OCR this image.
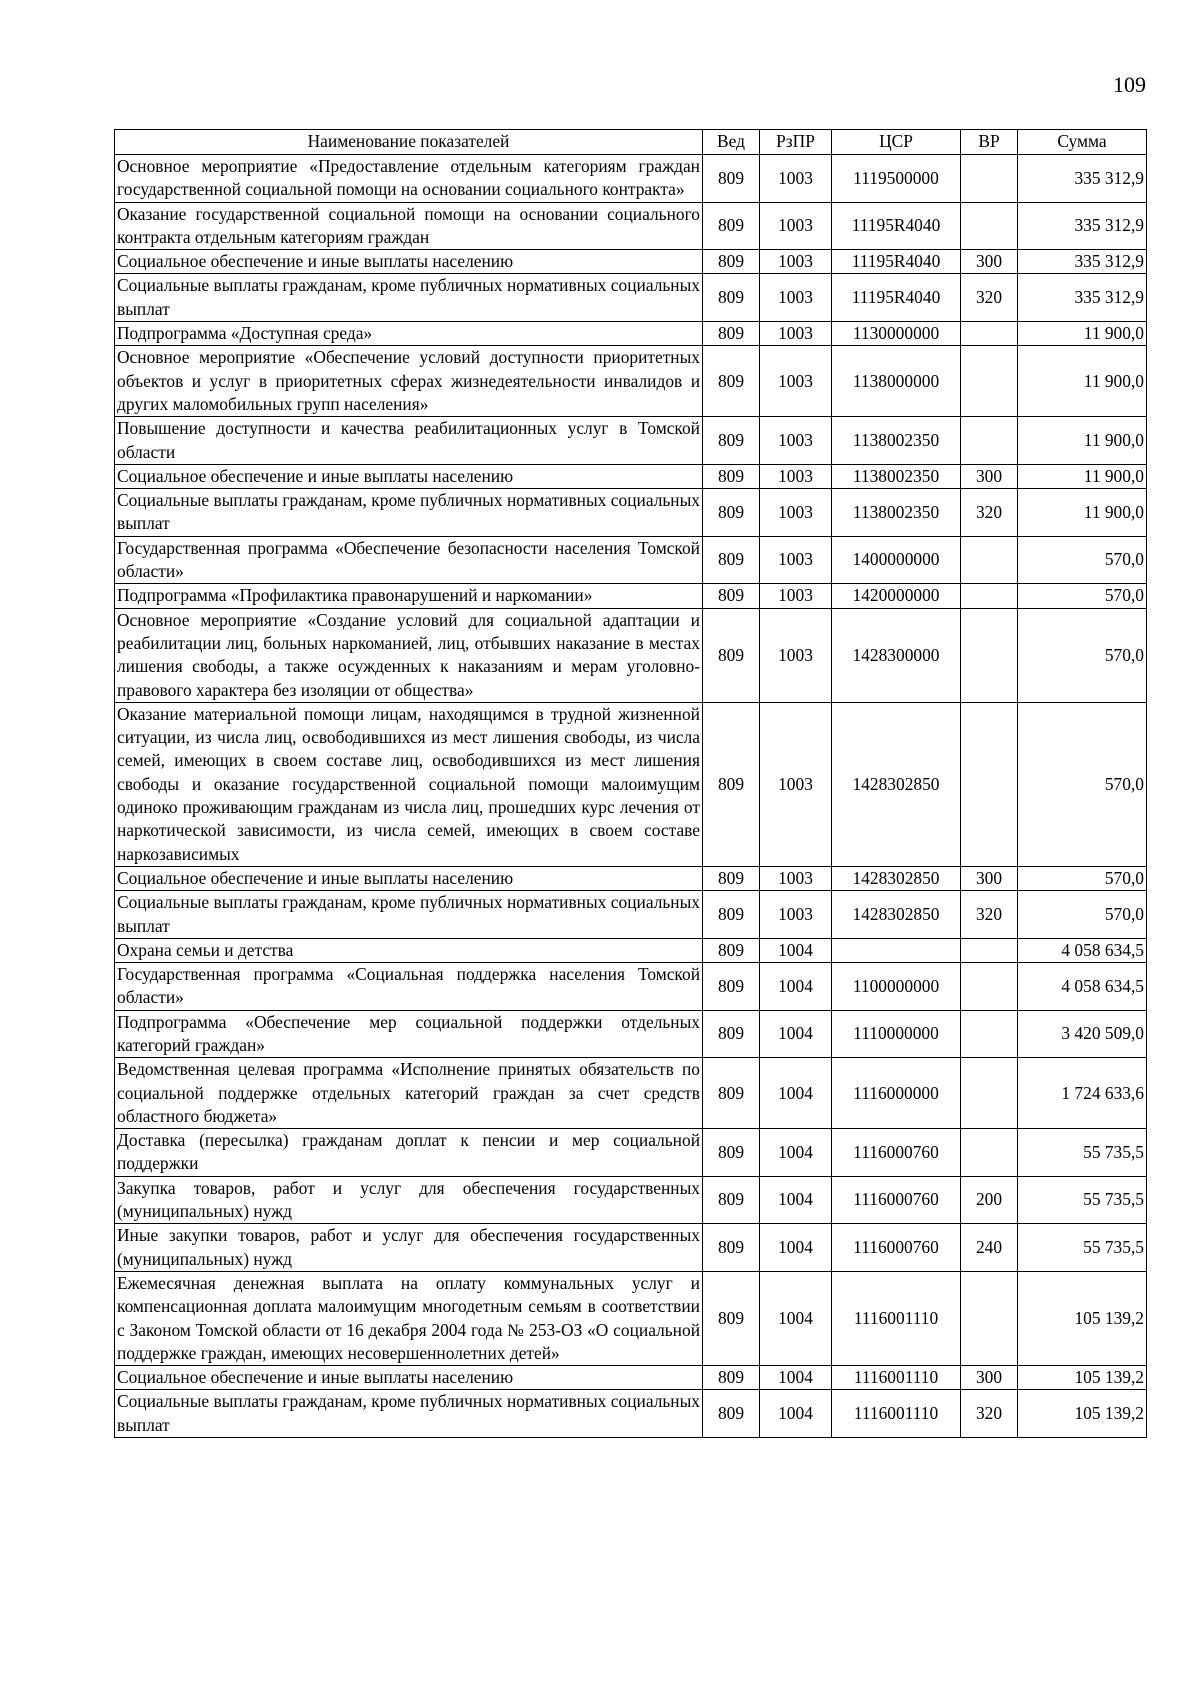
109
Наименование показателей	Вед	РзПР	ЦСР	ВР	Сумма
Основное мероприятие «Предоставление отдельным категориям граждан государственной социальной помощи на основании социального контракта»	809	1003	1119500000		335 312,9
Оказание государственной социальной помощи на основании социального контракта отдельным категориям граждан	809	1003	11195R4040		335 312,9
Социальное обеспечение и иные выплаты населению	809	1003	11195R4040	300	335 312,9
Социальные выплаты гражданам, кроме публичных нормативных социальных выплат	809	1003	11195R4040	320	335 312,9
Подпрограмма «Доступная среда»	809	1003	1130000000		11 900,0
Основное мероприятие «Обеспечение условий доступности приоритетных объектов и услуг в приоритетных сферах жизнедеятельности инвалидов и других маломобильных групп населения»	809	1003	1138000000		11 900,0
Повышение доступности и качества реабилитационных услуг в Томской области	809	1003	1138002350		11 900,0
Социальное обеспечение и иные выплаты населению	809	1003	1138002350	300	11 900,0
Социальные выплаты гражданам, кроме публичных нормативных социальных выплат	809	1003	1138002350	320	11 900,0
Государственная программа «Обеспечение безопасности населения Томской области»	809	1003	1400000000		570,0
Подпрограмма «Профилактика правонарушений и наркомании»	809	1003	1420000000		570,0
Основное мероприятие «Создание условий для социальной адаптации и реабилитации лиц, больных наркоманией, лиц, отбывших наказание в местах лишения свободы, а также осужденных к наказаниям и мерам уголовно-правового характера без изоляции от общества»	809	1003	1428300000		570,0
Оказание материальной помощи лицам, находящимся в трудной жизненной ситуации, из числа лиц, освободившихся из мест лишения свободы, из числа семей, имеющих в своем составе лиц, освободившихся из мест лишения свободы и оказание государственной социальной помощи малоимущим одиноко проживающим гражданам из числа лиц, прошедших курс лечения от наркотической зависимости, из числа семей, имеющих в своем составе наркозависимых	809	1003	1428302850		570,0
Социальное обеспечение и иные выплаты населению	809	1003	1428302850	300	570,0
Социальные выплаты гражданам, кроме публичных нормативных социальных выплат	809	1003	1428302850	320	570,0
Охрана семьи и детства	809	1004			4 058 634,5
Государственная программа «Социальная поддержка населения Томской области»	809	1004	1100000000		4 058 634,5
Подпрограмма «Обеспечение мер социальной поддержки отдельных категорий граждан»	809	1004	1110000000		3 420 509,0
Ведомственная целевая программа «Исполнение принятых обязательств по социальной поддержке отдельных категорий граждан за счет средств областного бюджета»	809	1004	1116000000		1 724 633,6
Доставка (пересылка) гражданам доплат к пенсии и мер социальной поддержки	809	1004	1116000760		55 735,5
Закупка товаров, работ и услуг для обеспечения государственных (муниципальных) нужд	809	1004	1116000760	200	55 735,5
Иные закупки товаров, работ и услуг для обеспечения государственных (муниципальных) нужд	809	1004	1116000760	240	55 735,5
Ежемесячная денежная выплата на оплату коммунальных услуг и компенсационная доплата малоимущим многодетным семьям в соответствии с Законом Томской области от 16 декабря 2004 года № 253-ОЗ «О социальной поддержке граждан, имеющих несовершеннолетних детей»	809	1004	1116001110		105 139,2
Социальное обеспечение и иные выплаты населению	809	1004	1116001110	300	105 139,2
Социальные выплаты гражданам, кроме публичных нормативных социальных выплат	809	1004	1116001110	320	105 139,2
